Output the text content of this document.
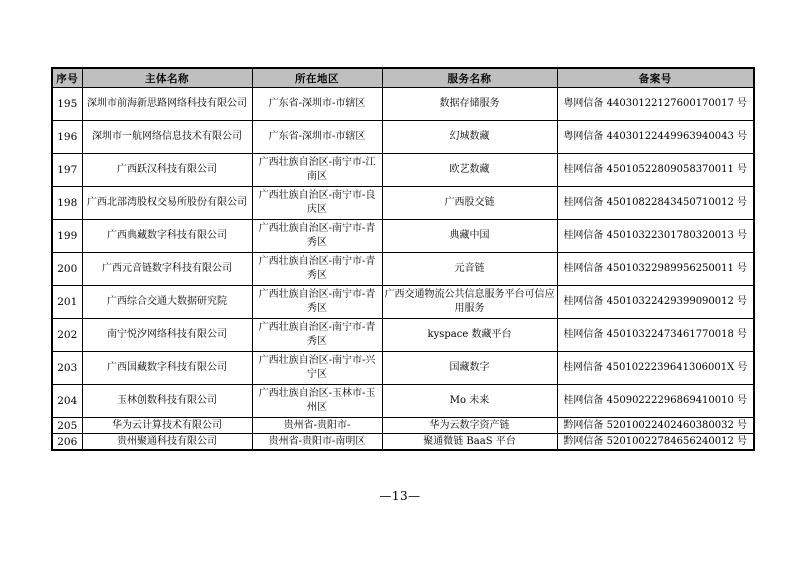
序号	主体名称	所在地区	服务名称	备案号
195	深圳市前海新思路网络科技有限公司	广东省-深圳市-市辖区	数据存储服务	粤网信备 44030122127600170017 号
196	深圳市一航网络信息技术有限公司	广东省-深圳市-市辖区	幻城数藏	粤网信备 44030122449963940043 号
197	广西跃汉科技有限公司	广西壮族自治区-南宁市-江南区	欧艺数藏	桂网信备 45010522809058370011 号
198	广西北部湾股权交易所股份有限公司	广西壮族自治区-南宁市-良庆区	广西股交链	桂网信备 45010822843450710012 号
199	广西典藏数字科技有限公司	广西壮族自治区-南宁市-青秀区	典藏中国	桂网信备 45010322301780320013 号
200	广西元音链数字科技有限公司	广西壮族自治区-南宁市-青秀区	元音链	桂网信备 45010322989956250011 号
201	广西综合交通大数据研究院	广西壮族自治区-南宁市-青秀区	广西交通物流公共信息服务平台可信应用服务	桂网信备 45010322429399090012 号
202	南宁悦汐网络科技有限公司	广西壮族自治区-南宁市-青秀区	kyspace 数藏平台	桂网信备 45010322473461770018 号
203	广西国藏数字科技有限公司	广西壮族自治区-南宁市-兴宁区	国藏数字	桂网信备 4501022239641306001X 号
204	玉林创数科技有限公司	广西壮族自治区-玉林市-玉州区	Mo 未来	桂网信备 45090222296869410010 号
205	华为云计算技术有限公司	贵州省-贵阳市-	华为云数字资产链	黔网信备 52010022402460380032 号
206	贵州聚通科技有限公司	贵州省-贵阳市-南明区	聚通微链 BaaS 平台	黔网信备 52010022784656240012 号
—13—
